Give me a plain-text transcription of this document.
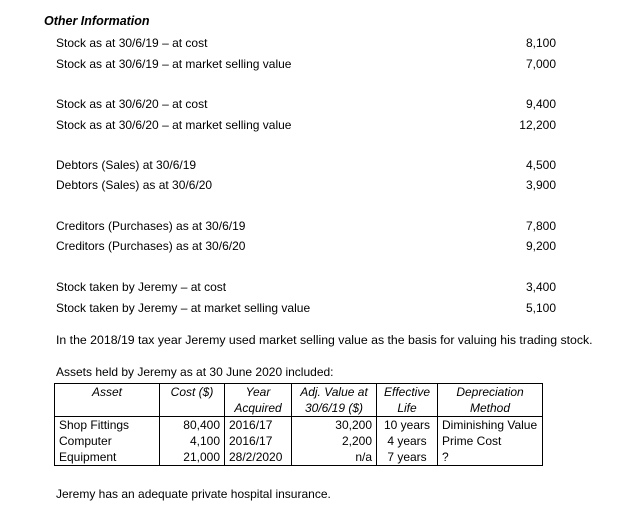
Other Information
Stock as at 30/6/19 – at cost	8,100
Stock as at 30/6/19 – at market selling value	7,000
Stock as at 30/6/20 – at cost	9,400
Stock as at 30/6/20 – at market selling value	12,200
Debtors (Sales) at 30/6/19	4,500
Debtors (Sales) as at 30/6/20	3,900
Creditors (Purchases) as at 30/6/19	7,800
Creditors (Purchases) as at 30/6/20	9,200
Stock taken by Jeremy – at cost	3,400
Stock taken by Jeremy – at market selling value	5,100
In the 2018/19 tax year Jeremy used market selling value as the basis for valuing his trading stock.
Assets held by Jeremy as at 30 June 2020 included:
Asset	Cost ($)	Year	Adj. Value at	Effective	Depreciation
		Acquired	30/6/19 ($)	Life	Method
Shop Fittings	80,400	2016/17	30,200	10 years	Diminishing Value
Computer	4,100	2016/17	2,200	4 years	Prime Cost
Equipment	21,000	28/2/2020	n/a	7 years	?
Jeremy has an adequate private hospital insurance.
